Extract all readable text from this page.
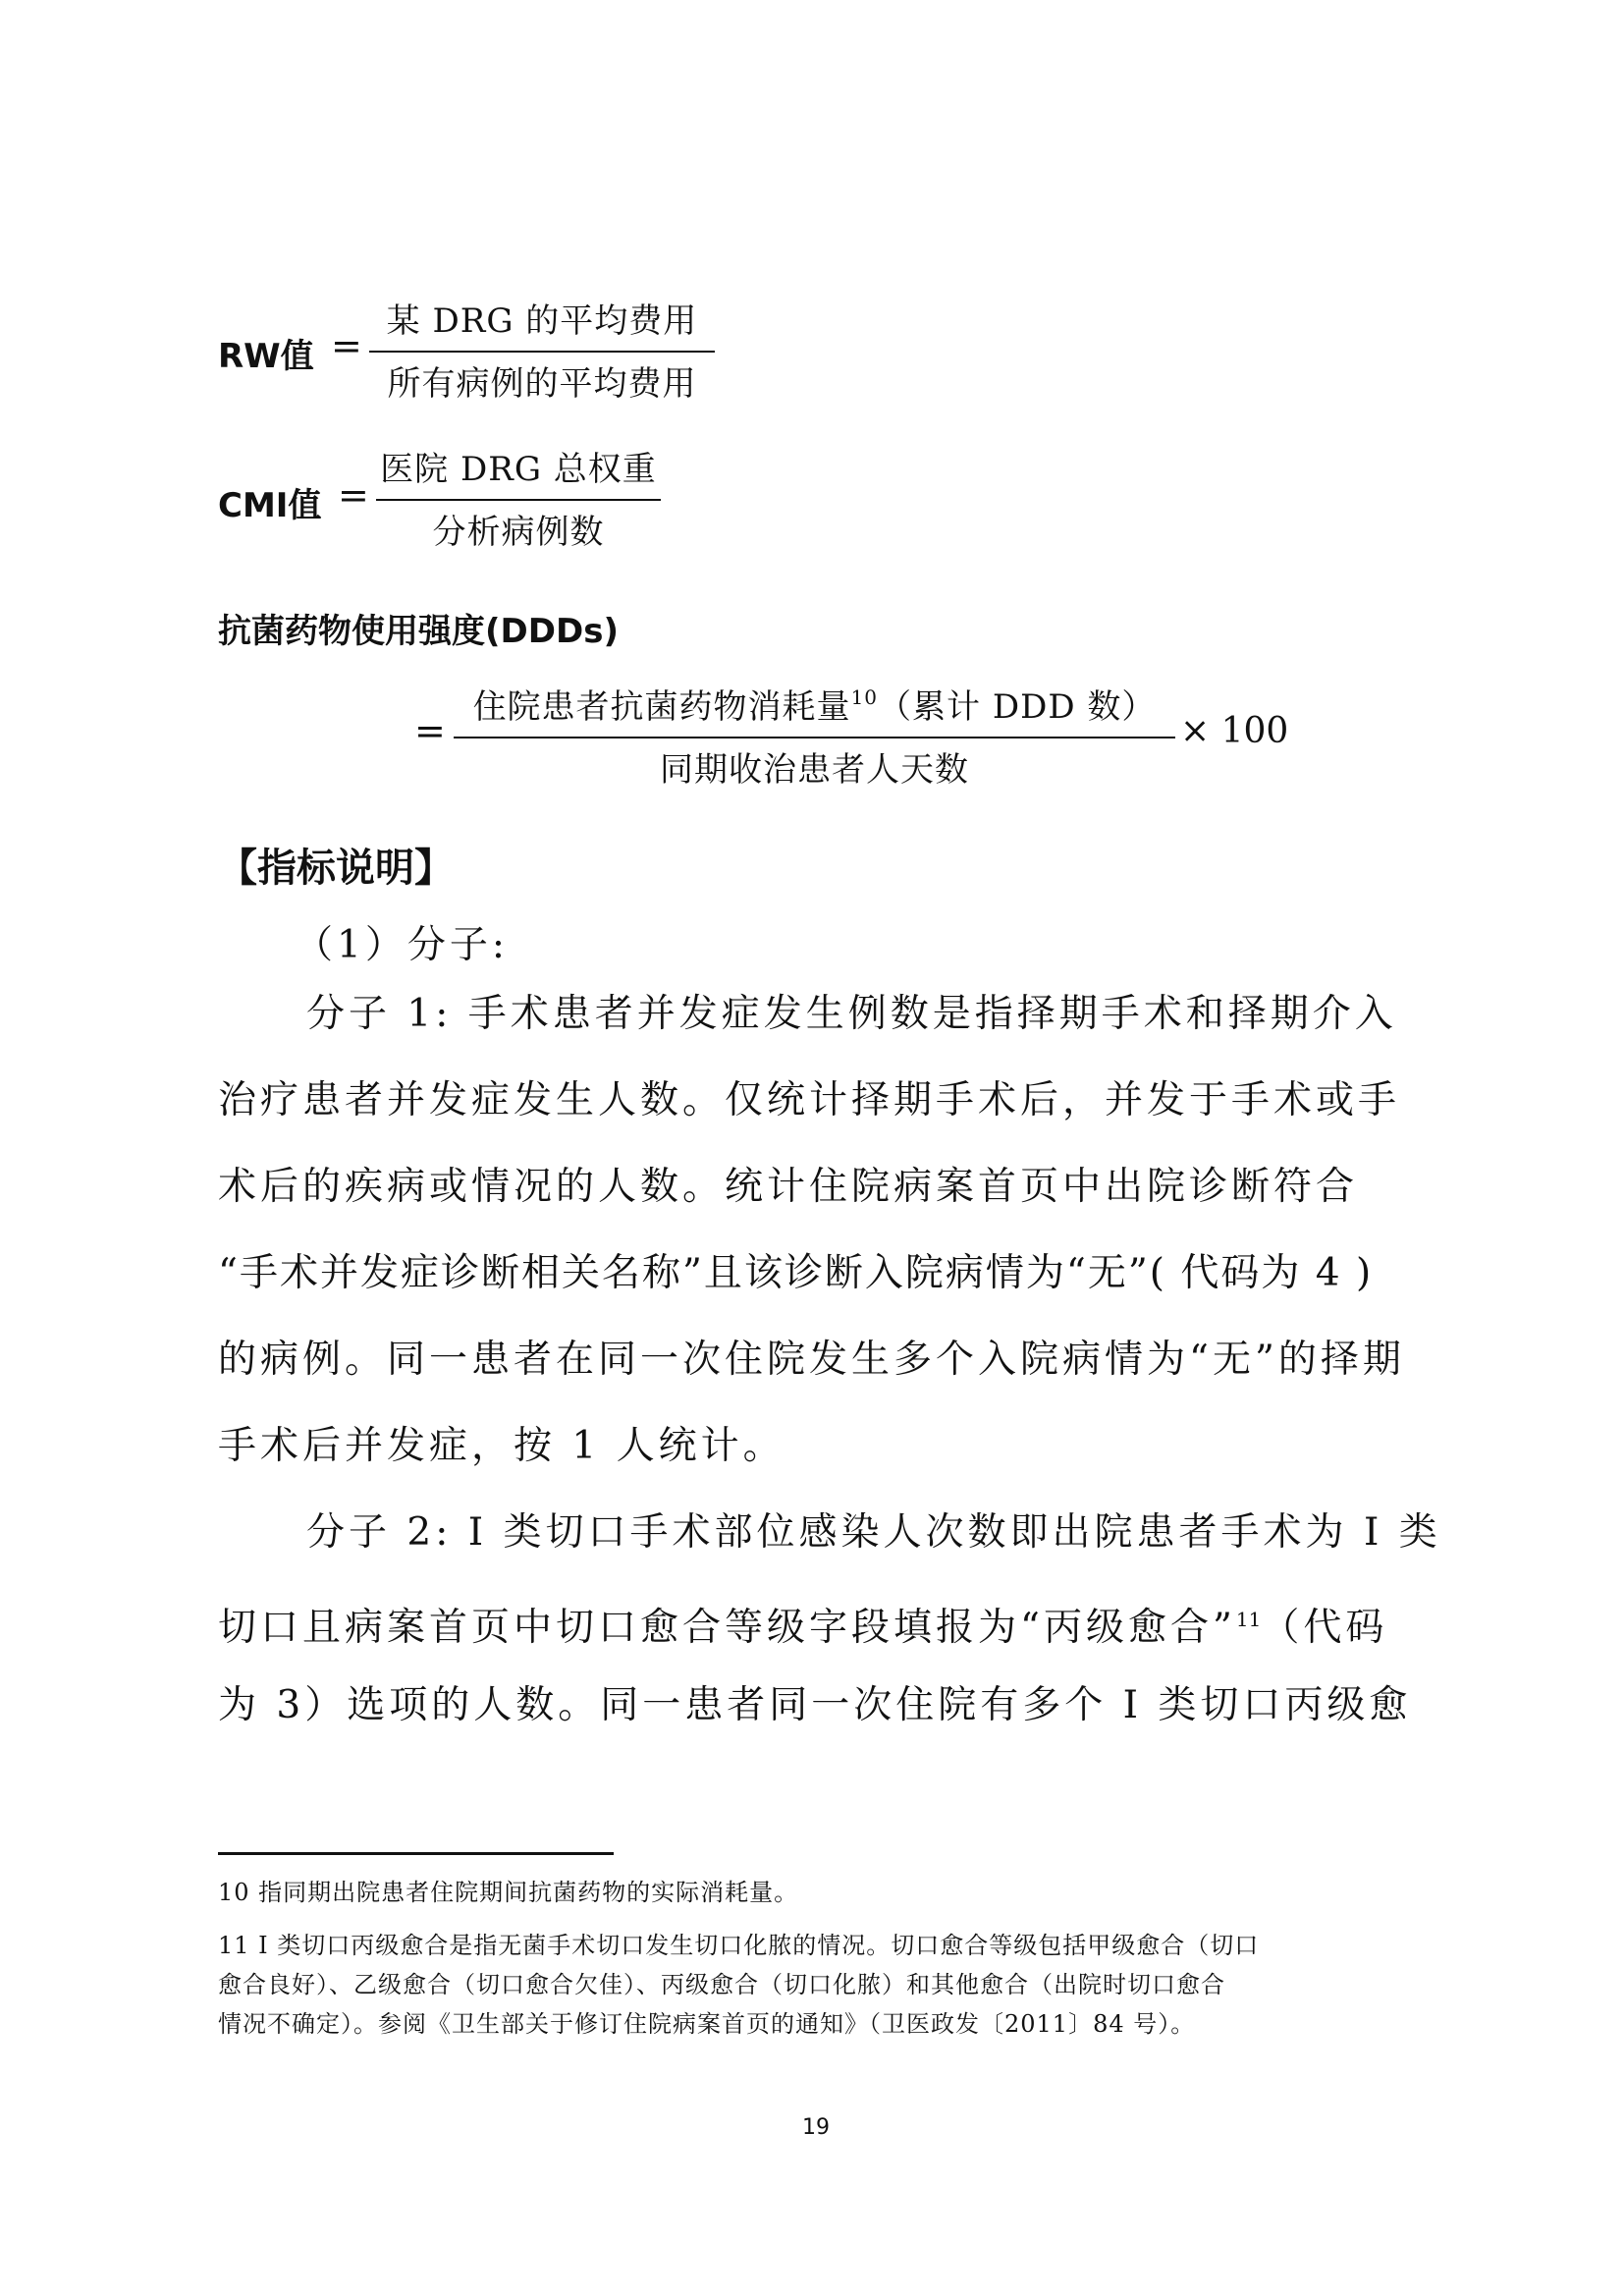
RW值 =
某 DRG 的平均费用
所有病例的平均费用
CMI值 =
医院 DRG 总权重
分析病例数
抗菌药物使用强度(DDDs)
=
住院患者抗菌药物消耗量$^{10}$（累计 DDD 数）
同期收治患者人天数
× 100
【指标说明】
（1）分子:
分子 1: 手术患者并发症发生例数是指择期手术和择期介入
治疗患者并发症发生人数。仅统计择期手术后，并发于手术或手
术后的疾病或情况的人数。统计住院病案首页中出院诊断符合
“手术并发症诊断相关名称”且该诊断入院病情为“无”( 代码为 4 )
的病例。同一患者在同一次住院发生多个入院病情为“无”的择期
手术后并发症，按 1 人统计。
分子 2: I 类切口手术部位感染人次数即出院患者手术为 I 类
切口且病案首页中切口愈合等级字段填报为“丙级愈合”$^{11}$（代码
为 3）选项的人数。同一患者同一次住院有多个 I 类切口丙级愈
10 指同期出院患者住院期间抗菌药物的实际消耗量。
11 I 类切口丙级愈合是指无菌手术切口发生切口化脓的情况。切口愈合等级包括甲级愈合（切口
愈合良好）、乙级愈合（切口愈合欠佳）、丙级愈合（切口化脓）和其他愈合（出院时切口愈合
情况不确定）。参阅《卫生部关于修订住院病案首页的通知》（卫医政发〔2011〕84 号）。
19
